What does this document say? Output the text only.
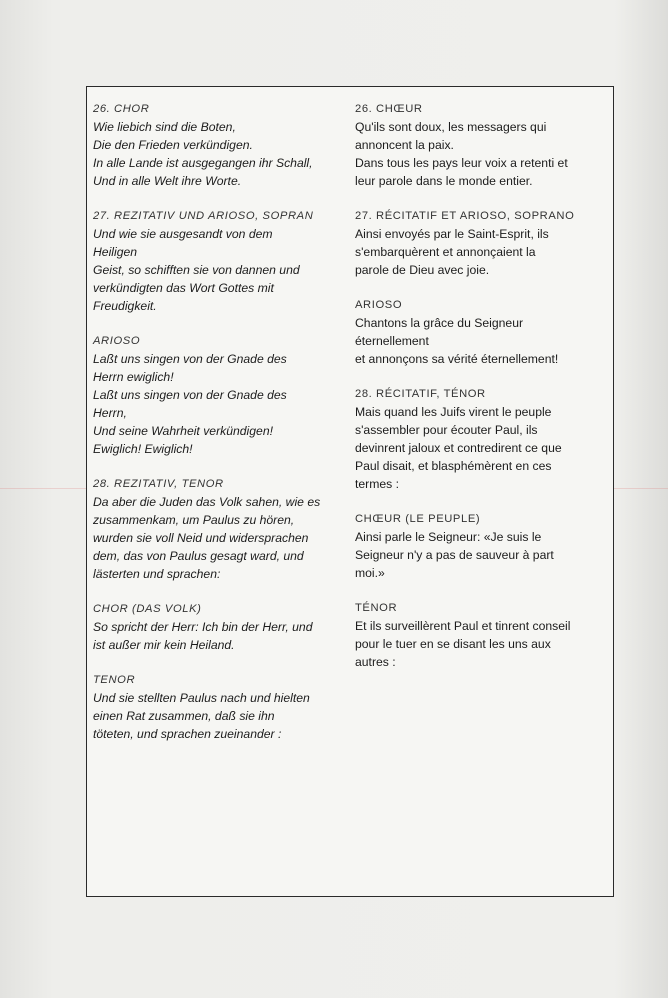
26. CHOR
Wie liebich sind die Boten,
Die den Frieden verkündigen.
In alle Lande ist ausgegangen ihr Schall,
Und in alle Welt ihre Worte.
27. REZITATIV UND ARIOSO, SOPRAN
Und wie sie ausgesandt von dem
Heiligen
Geist, so schifften sie von dannen und
verkündigten das Wort Gottes mit
Freudigkeit.
ARIOSO
Laßt uns singen von der Gnade des
Herrn ewiglich!
Laßt uns singen von der Gnade des
Herrn,
Und seine Wahrheit verkündigen!
Ewiglich! Ewiglich!
28. REZITATIV, TENOR
Da aber die Juden das Volk sahen, wie es
zusammenkam, um Paulus zu hören,
wurden sie voll Neid und widersprachen
dem, das von Paulus gesagt ward, und
lästerten und sprachen:
CHOR (DAS VOLK)
So spricht der Herr: Ich bin der Herr, und
ist außer mir kein Heiland.
TENOR
Und sie stellten Paulus nach und hielten
einen Rat zusammen, daß sie ihn
töteten, und sprachen zueinander :
26. CHŒUR
Qu'ils sont doux, les messagers qui
annoncent la paix.
Dans tous les pays leur voix a retenti et
leur parole dans le monde entier.
27. RÉCITATIF ET ARIOSO, SOPRANO
Ainsi envoyés par le Saint-Esprit, ils
s'embarquèrent et annonçaient la
parole de Dieu avec joie.
ARIOSO
Chantons la grâce du Seigneur
éternellement
et annonçons sa vérité éternellement!
28. RÉCITATIF, TÉNOR
Mais quand les Juifs virent le peuple
s'assembler pour écouter Paul, ils
devinrent jaloux et contredirent ce que
Paul disait, et blasphémèrent en ces
termes :
CHŒUR (LE PEUPLE)
Ainsi parle le Seigneur: «Je suis le
Seigneur n'y a pas de sauveur à part
moi.»
TÉNOR
Et ils surveillèrent Paul et tinrent conseil
pour le tuer en se disant les uns aux
autres :
